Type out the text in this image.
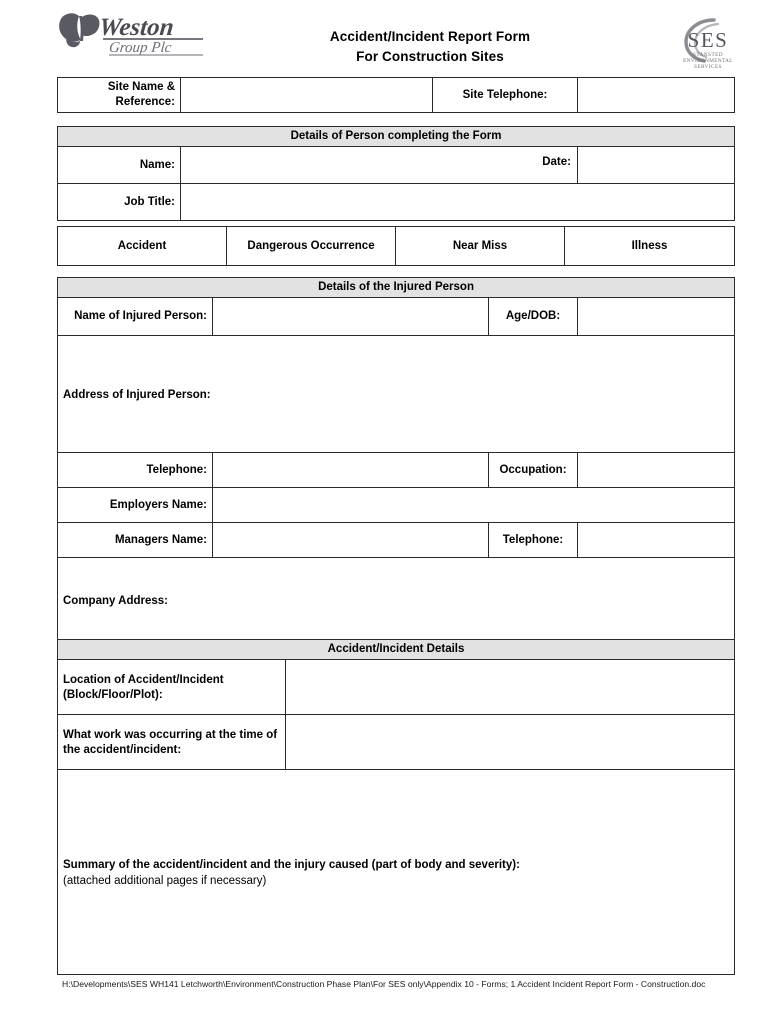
Weston
Group Plc
Accident/Incident Report Form
For Construction Sites
SES
STANSTED
ENVIRONMENTAL
SERVICES
Site Name & Reference:		Site Telephone:	
Details of Person completing the Form		
Name:	Date:	

Job Title:		
Accident	Dangerous Occurrence	Near Miss	Illness
Details of the Injured Person			
Name of Injured Person:		Age/DOB:	
Address of Injured Person:			
Telephone:		Occupation:	
Employers Name:			
Managers Name:		Telephone:	
Company Address:			
Accident/Incident Details	
Location of Accident/Incident (Block/Floor/Plot):	
What work was occurring at the time of the accident/incident:	

Summary of the accident/incident and the injury caused (part of body and severity):
(attached additional pages if necessary)	
H:\Developments\SES WH141 Letchworth\Environment\Construction Phase Plan\For SES only\Appendix 10 - Forms; 1 Accident Incident Report Form - Construction.doc
